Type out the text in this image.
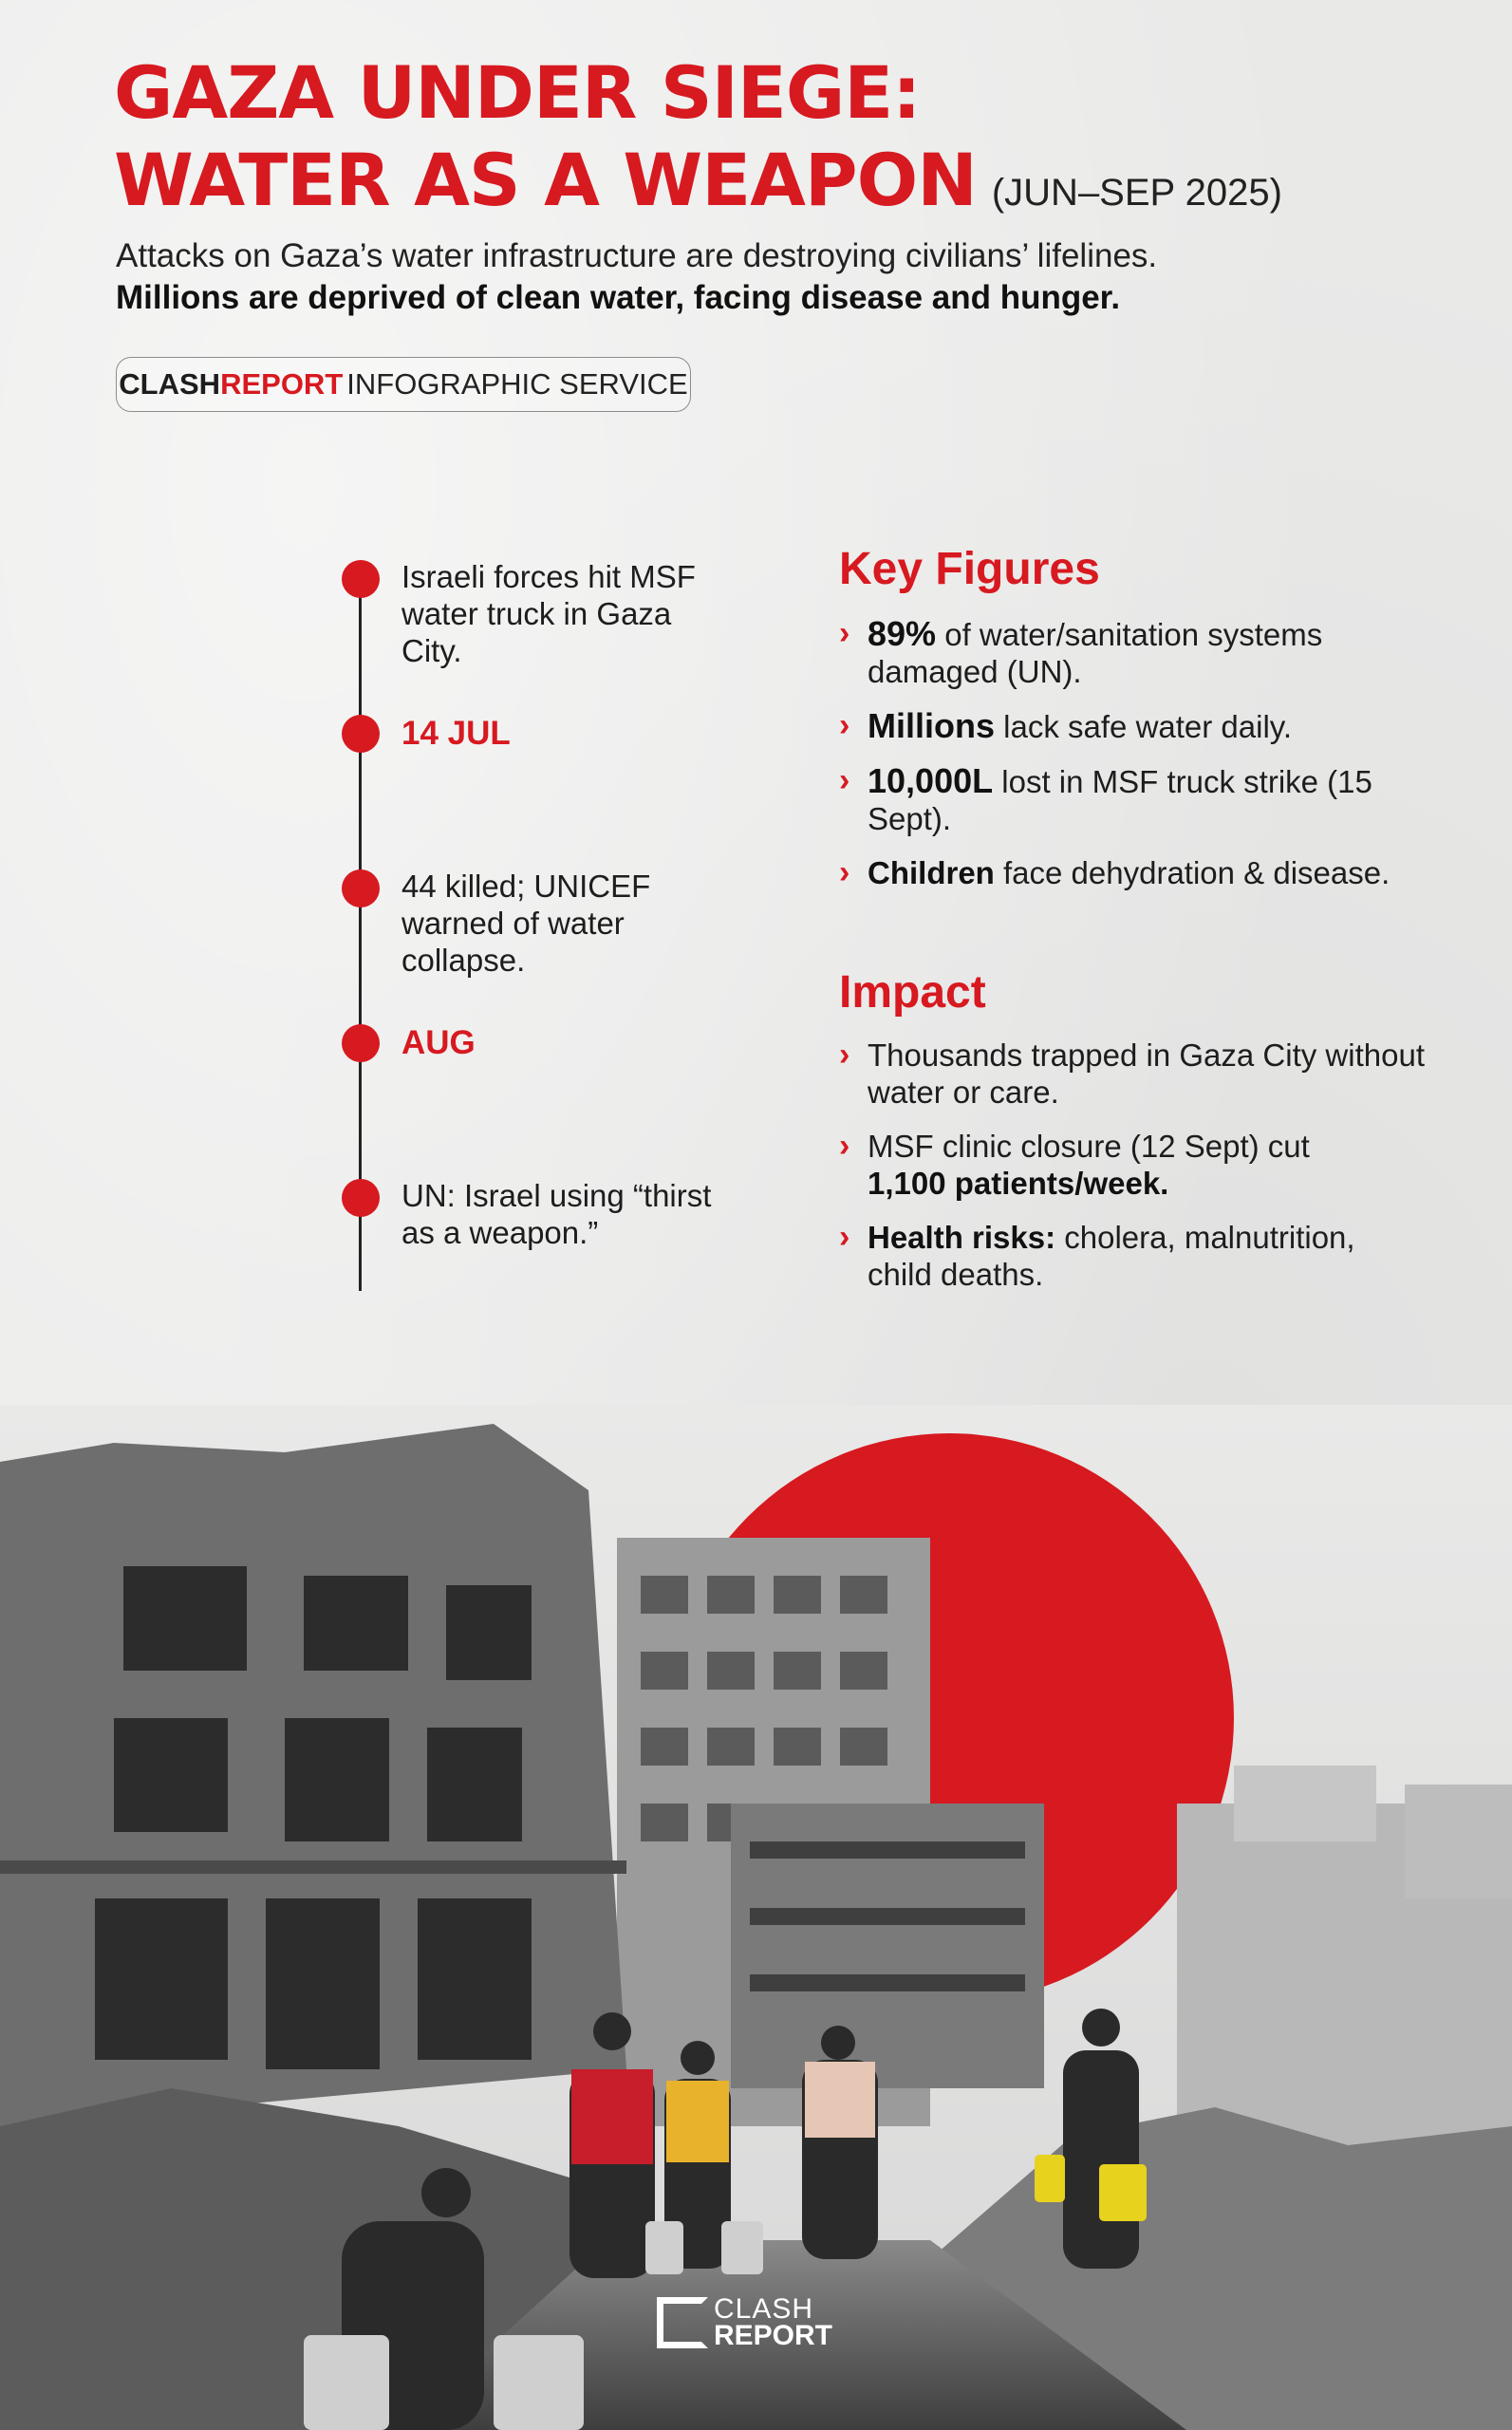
GAZA UNDER SIEGE:
WATER AS A WEAPON (JUN–SEP 2025)
Attacks on Gaza’s water infrastructure are destroying civilians’ lifelines.
Millions are deprived of clean water, facing disease and hunger.
CLASH REPORT INFOGRAPHIC SERVICE
Israeli forces hit MSF water truck in Gaza City.
14 JUL
44 killed; UNICEF warned of water collapse.
AUG
UN: Israel using “thirst as a weapon.”
Key Figures
› 89% of water/sanitation systems damaged (UN).
› Millions lack safe water daily.
› 10,000L lost in MSF truck strike (15 Sept).
› Children face dehydration & disease.
Impact
› Thousands trapped in Gaza City without water or care.
› MSF clinic closure (12 Sept) cut
1,100 patients/week.
› Health risks: cholera, malnutrition, child deaths.
CLASH
REPORT
